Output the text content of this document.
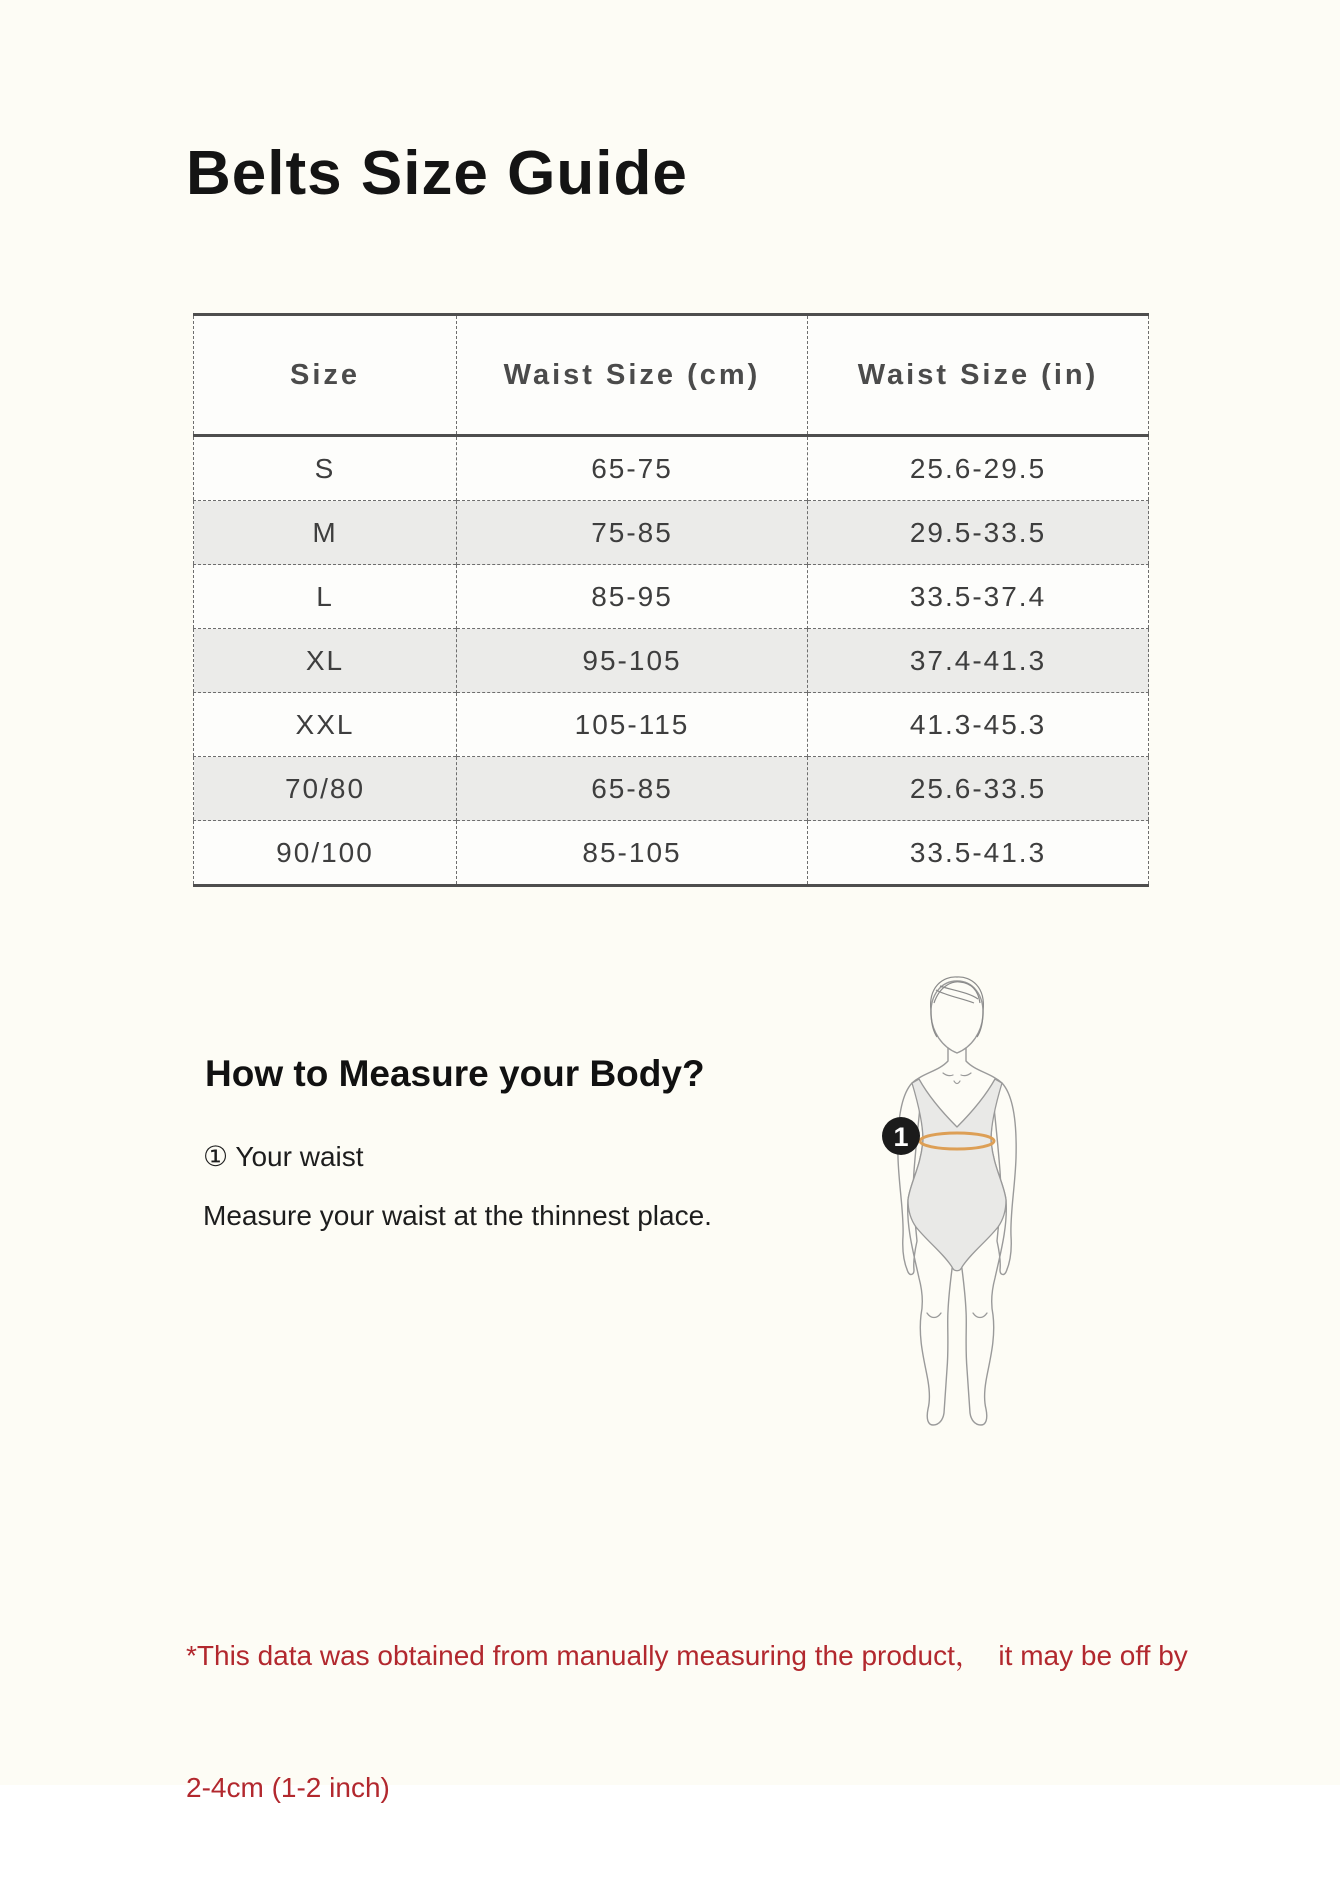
Belts Size Guide
Size	Waist Size (cm)	Waist Size (in)
S	65-75	25.6-29.5
M	75-85	29.5-33.5
L	85-95	33.5-37.4
XL	95-105	37.4-41.3
XXL	105-115	41.3-45.3
70/80	65-85	25.6-33.5
90/100	85-105	33.5-41.3
How to Measure your Body?
① Your waist
Measure your waist at the thinnest place.
1

*This data was obtained from manually measuring the product，  it may be off by

2-4cm (1-2 inch)
